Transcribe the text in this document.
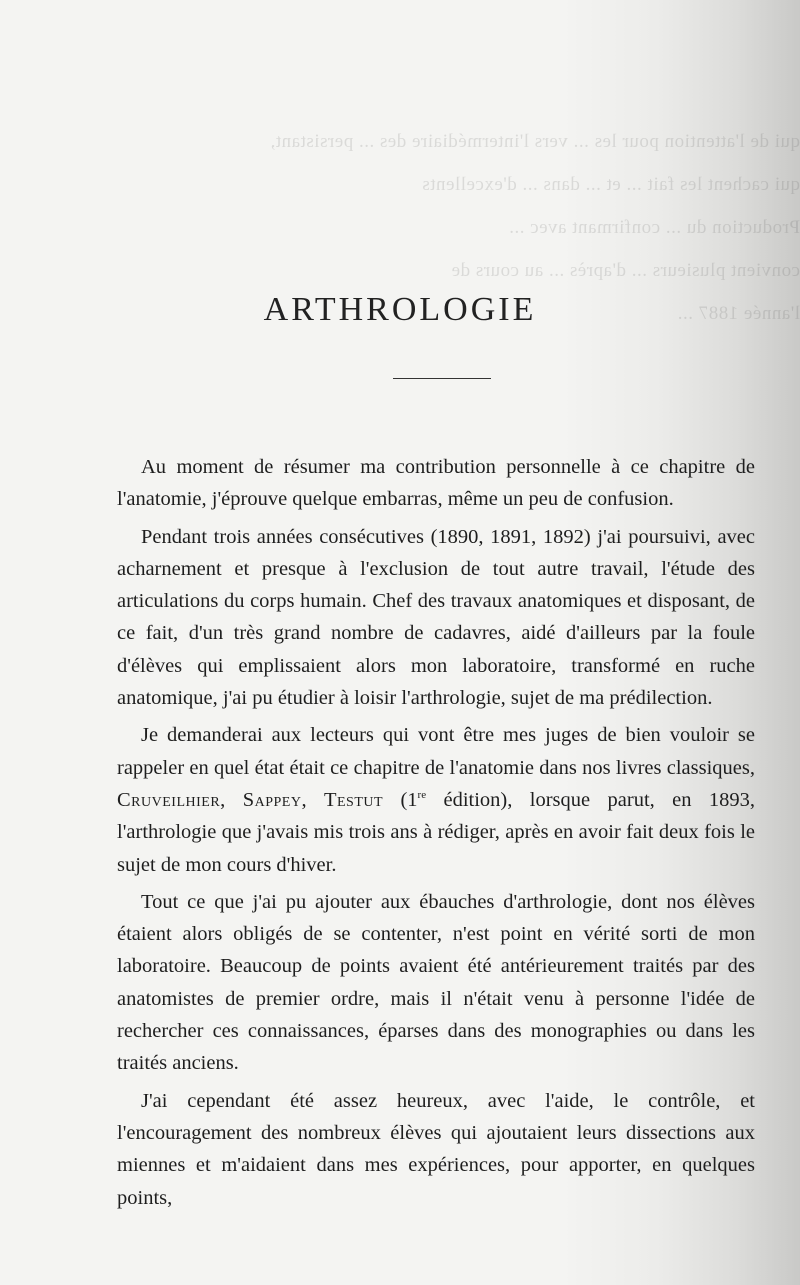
qui de l'attention pour les ... vers l'intermédiaire des ... persistant,
qui cachent les fait ... et ... dans ... d'excellents
Production du ... confirmant avec ...
convient plusieurs ... d'après ... au cours de
l'année 1887 ...
ARTHROLOGIE

Au moment de résumer ma contribution personnelle à ce chapitre de l'anatomie, j'éprouve quelque embarras, même un peu de confusion.

Pendant trois années consécutives (1890, 1891, 1892) j'ai poursuivi, avec acharnement et presque à l'exclusion de tout autre travail, l'étude des articulations du corps humain. Chef des travaux anatomiques et disposant, de ce fait, d'un très grand nombre de cadavres, aidé d'ailleurs par la foule d'élèves qui emplissaient alors mon laboratoire, transformé en ruche anatomique, j'ai pu étudier à loisir l'arthrologie, sujet de ma prédilection.

Je demanderai aux lecteurs qui vont être mes juges de bien vouloir se rappeler en quel état était ce chapitre de l'anatomie dans nos livres classiques, Cruveilhier, Sappey, Testut (1re édition), lorsque parut, en 1893, l'arthrologie que j'avais mis trois ans à rédiger, après en avoir fait deux fois le sujet de mon cours d'hiver.

Tout ce que j'ai pu ajouter aux ébauches d'arthrologie, dont nos élèves étaient alors obligés de se contenter, n'est point en vérité sorti de mon laboratoire. Beaucoup de points avaient été antérieurement traités par des anatomistes de premier ordre, mais il n'était venu à personne l'idée de rechercher ces connaissances, éparses dans des monographies ou dans les traités anciens.

J'ai cependant été assez heureux, avec l'aide, le contrôle, et l'encouragement des nombreux élèves qui ajoutaient leurs dissections aux miennes et m'aidaient dans mes expériences, pour apporter, en quelques points,
